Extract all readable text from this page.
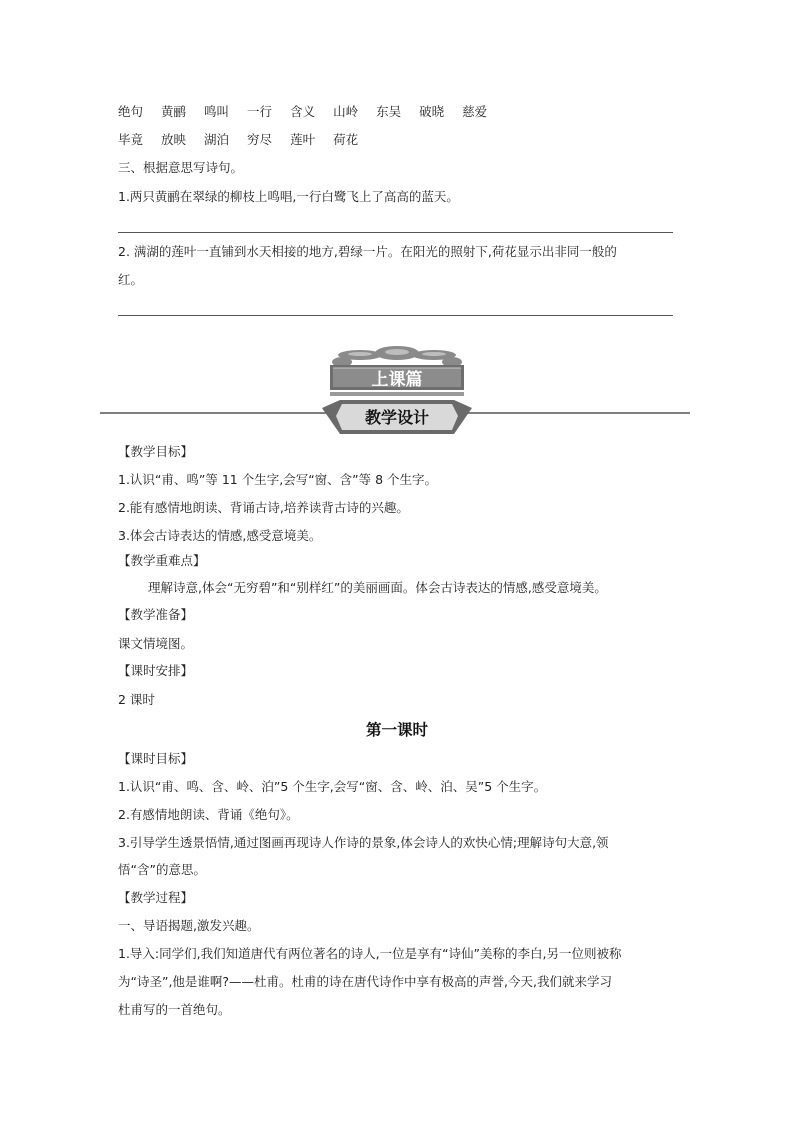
绝句 黄鹂 鸣叫 一行 含义 山岭 东吴 破晓 慈爱
毕竟 放映 湖泊 穷尽 莲叶 荷花
三、根据意思写诗句。
1.两只黄鹂在翠绿的柳枝上鸣唱,一行白鹭飞上了高高的蓝天。
2. 满湖的莲叶一直铺到水天相接的地方,碧绿一片。在阳光的照射下,荷花显示出非同一般的
红。
上课篇
教学设计
【教学目标】
1.认识“甫、鸣”等 11 个生字,会写“窗、含”等 8 个生字。
2.能有感情地朗读、背诵古诗,培养读背古诗的兴趣。
3.体会古诗表达的情感,感受意境美。
【教学重难点】
理解诗意,体会“无穷碧”和“别样红”的美丽画面。体会古诗表达的情感,感受意境美。
【教学准备】
课文情境图。
【课时安排】
2 课时
第一课时
【课时目标】
1.认识“甫、鸣、含、岭、泊”5 个生字,会写“窗、含、岭、泊、吴”5 个生字。
2.有感情地朗读、背诵《绝句》。
3.引导学生透景悟情,通过图画再现诗人作诗的景象,体会诗人的欢快心情;理解诗句大意,领
悟“含”的意思。
【教学过程】
一、导语揭题,激发兴趣。
1.导入:同学们,我们知道唐代有两位著名的诗人,一位是享有“诗仙”美称的李白,另一位则被称
为“诗圣”,他是谁啊?——杜甫。杜甫的诗在唐代诗作中享有极高的声誉,今天,我们就来学习
杜甫写的一首绝句。
